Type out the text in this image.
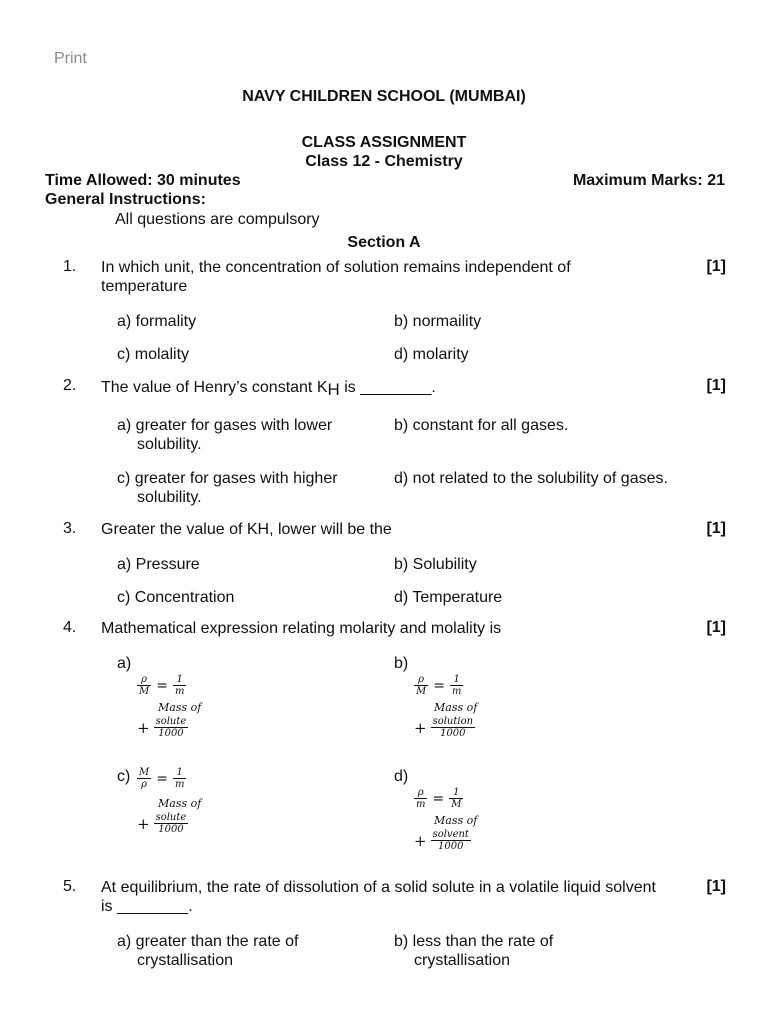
Print
NAVY CHILDREN SCHOOL (MUMBAI)
CLASS ASSIGNMENT
Class 12 - Chemistry
Time Allowed: 30 minutes	Maximum Marks: 21
General Instructions:
All questions are compulsory
Section A
1. In which unit, the concentration of solution remains independent of temperature
[1]
a) formality	b) normaility
c) molality	d) molarity
2. The value of Henry’s constant KH is ________.	[1]
a) greater for gases with lower solubility.
b) constant for all gases.
c) greater for gases with higher solubility.
d) not related to the solubility of gases.
3. Greater the value of KH, lower will be the	[1]
a) Pressure	b) Solubility
c) Concentration	d) Temperature
4. Mathematical expression relating molarity and molality is	[1]
a)
$\frac{\rho}{M} = \frac{1}{m}$
Mass of
+ $\frac{\text{solute}}{1000}$
b)
$\frac{\rho}{M} = \frac{1}{m}$
Mass of
+ $\frac{\text{solution}}{1000}$
$c) \frac{M}{\rho} = \frac{1}{m}$
Mass of
+ $\frac{\text{solute}}{1000}$
d)
$\frac{\rho}{m} = \frac{1}{M}$
Mass of
+ $\frac{\text{solvent}}{1000}$
5. At equilibrium, the rate of dissolution of a solid solute in a volatile liquid solvent is ________.
[1]
a) greater than the rate of crystallisation
b) less than the rate of crystallisation
